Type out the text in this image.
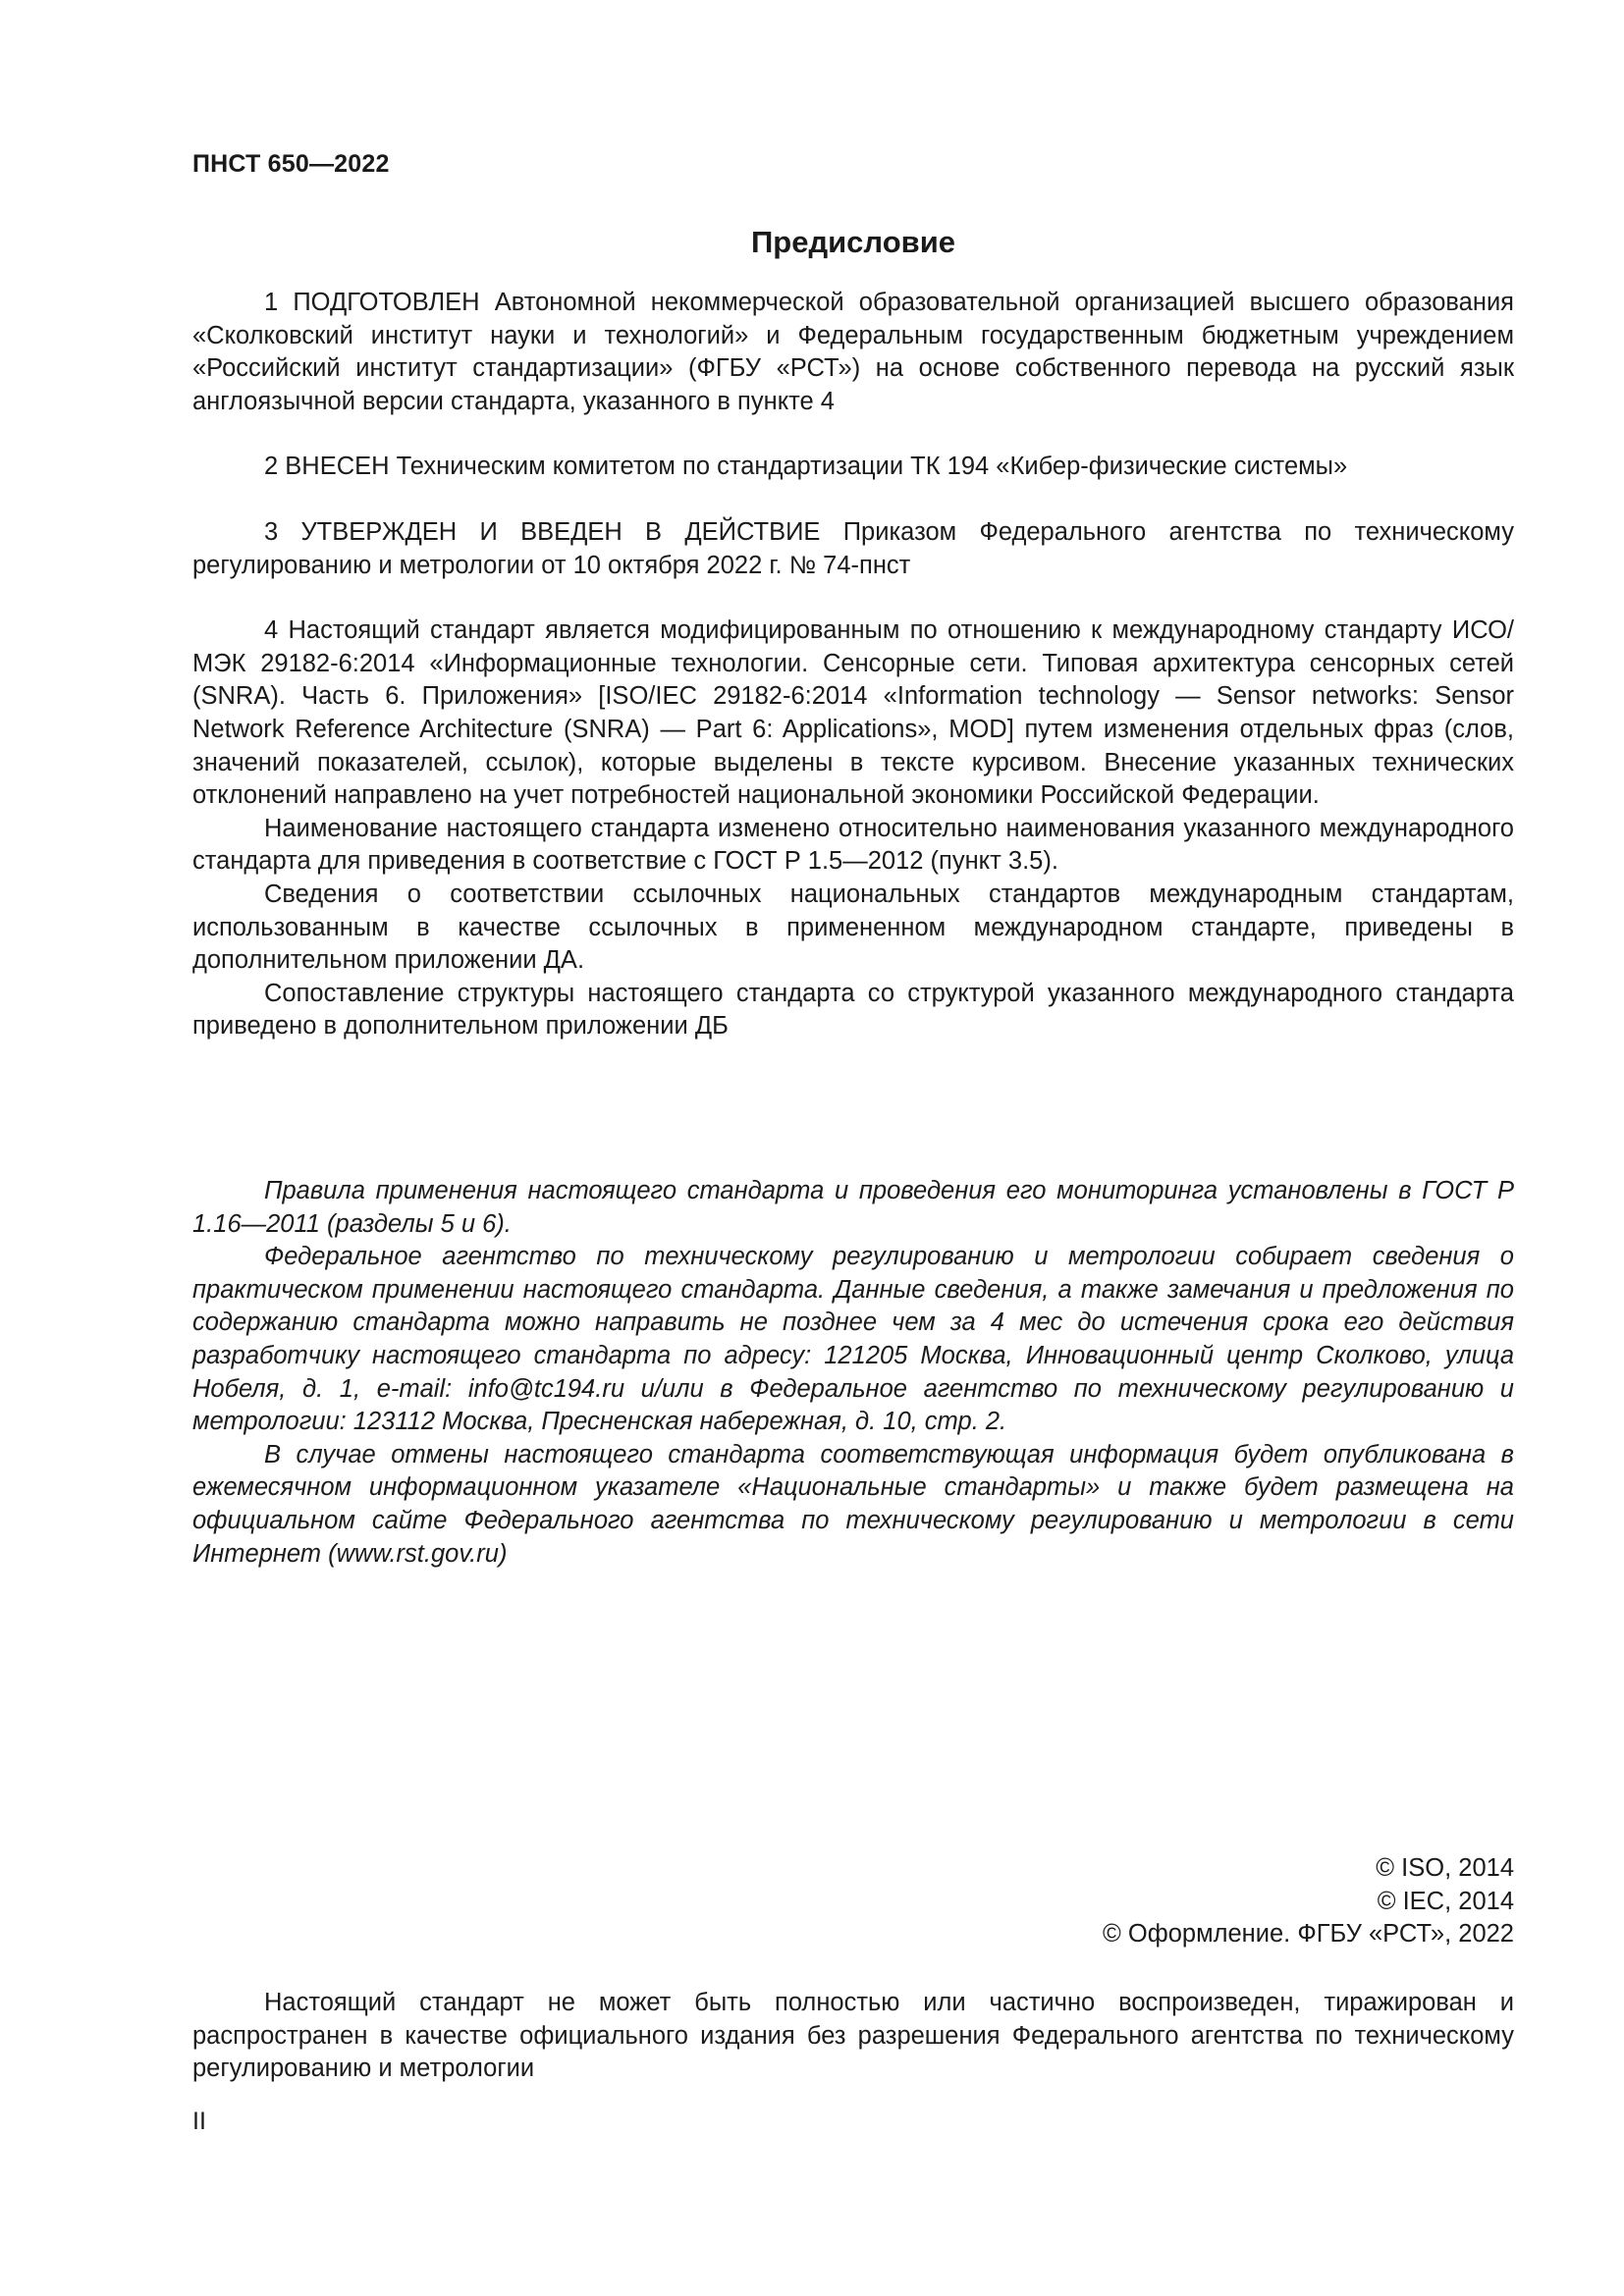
ПНСТ 650—2022
Предисловие

1 ПОДГОТОВЛЕН Автономной некоммерческой образовательной организацией высшего образования «Сколковский институт науки и технологий» и Федеральным государственным бюджетным учреждением «Российский институт стандартизации» (ФГБУ «РСТ») на основе собственного перевода на русский язык англоязычной версии стандарта, указанного в пункте 4

2 ВНЕСЕН Техническим комитетом по стандартизации ТК 194 «Кибер-физические системы»

3 УТВЕРЖДЕН И ВВЕДЕН В ДЕЙСТВИЕ Приказом Федерального агентства по техническому регулированию и метрологии от 10 октября 2022 г. № 74-пнст

4 Настоящий стандарт является модифицированным по отношению к международному стандарту ИСО/МЭК 29182-6:2014 «Информационные технологии. Сенсорные сети. Типовая архитектура сенсорных сетей (SNRA). Часть 6. Приложения» [ISO/IEC 29182-6:2014 «Information technology — Sensor networks: Sensor Network Reference Architecture (SNRA) — Part 6: Applications», MOD] путем изменения отдельных фраз (слов, значений показателей, ссылок), которые выделены в тексте курсивом. Внесение указанных технических отклонений направлено на учет потребностей национальной экономики Российской Федерации.

Наименование настоящего стандарта изменено относительно наименования указанного международного стандарта для приведения в соответствие с ГОСТ Р 1.5—2012 (пункт 3.5).

Сведения о соответствии ссылочных национальных стандартов международным стандартам, использованным в качестве ссылочных в примененном международном стандарте, приведены в дополнительном приложении ДА.

Сопоставление структуры настоящего стандарта со структурой указанного международного стандарта приведено в дополнительном приложении ДБ

Правила применения настоящего стандарта и проведения его мониторинга установлены в ГОСТ Р 1.16—2011 (разделы 5 и 6).

Федеральное агентство по техническому регулированию и метрологии собирает сведения о практическом применении настоящего стандарта. Данные сведения, а также замечания и предложения по содержанию стандарта можно направить не позднее чем за 4 мес до истечения срока его действия разработчику настоящего стандарта по адресу: 121205 Москва, Инновационный центр Сколково, улица Нобеля, д. 1, e-mail: info@tc194.ru и/или в Федеральное агентство по техническому регулированию и метрологии: 123112 Москва, Пресненская набережная, д. 10, стр. 2.

В случае отмены настоящего стандарта соответствующая информация будет опубликована в ежемесячном информационном указателе «Национальные стандарты» и также будет размещена на официальном сайте Федерального агентства по техническому регулированию и метрологии в сети Интернет (www.rst.gov.ru)

© ISO, 2014
© IEC, 2014
© Оформление. ФГБУ «РСТ», 2022

Настоящий стандарт не может быть полностью или частично воспроизведен, тиражирован и распространен в качестве официального издания без разрешения Федерального агентства по техническому регулированию и метрологии

II
